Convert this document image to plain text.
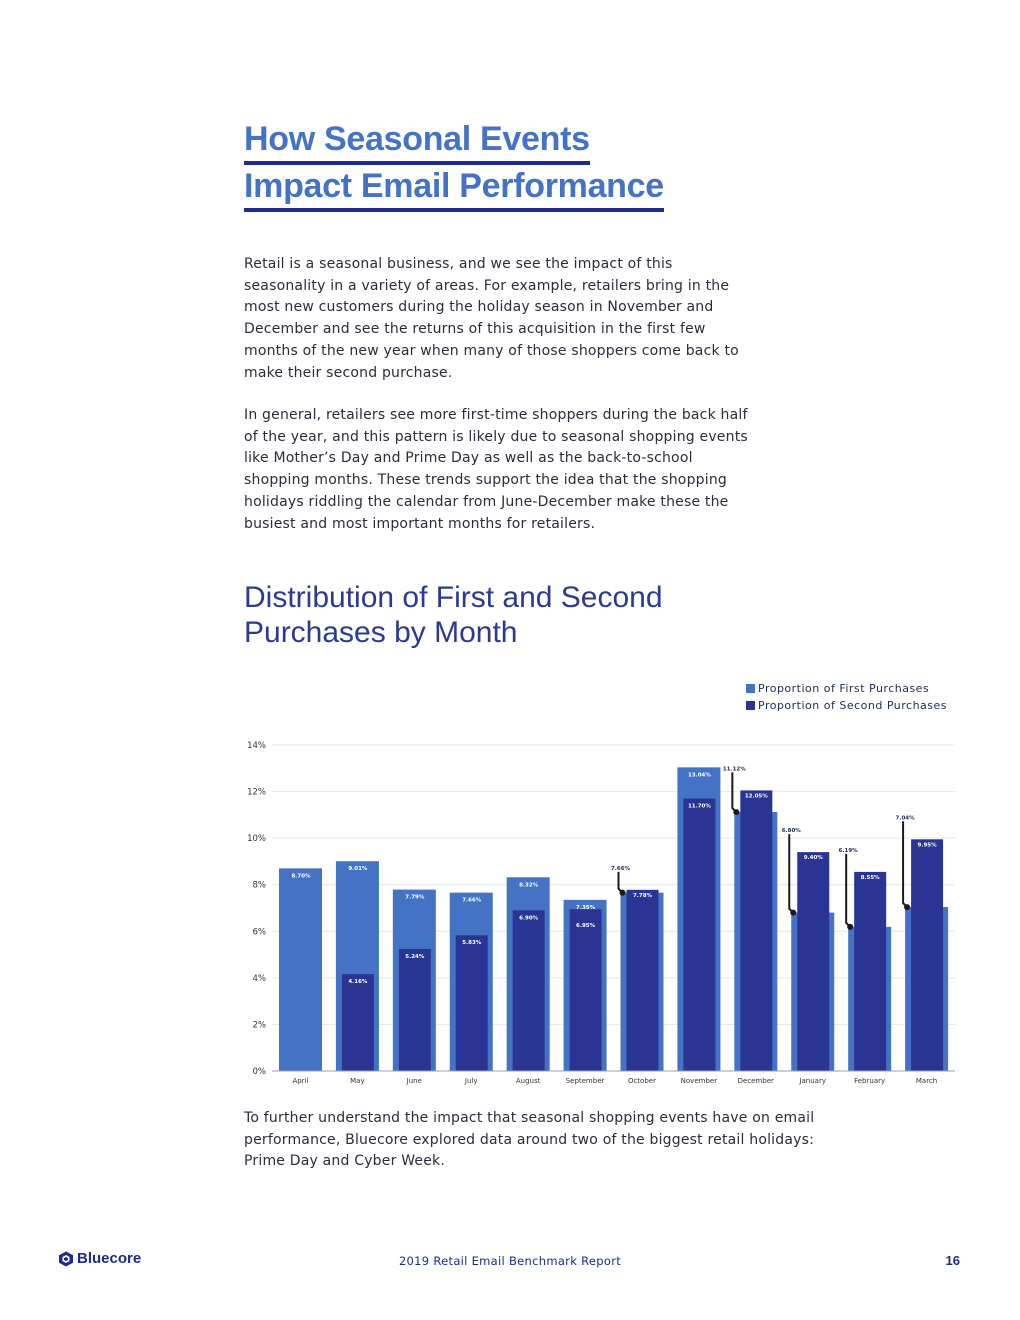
How Seasonal Events
Impact Email Performance

Retail is a seasonal business, and we see the impact of this seasonality in a variety of areas. For example, retailers bring in the most new customers during the holiday season in November and December and see the returns of this acquisition in the first few months of the new year when many of those shoppers come back to make their second purchase.

In general, retailers see more first-time shoppers during the back half of the year, and this pattern is likely due to seasonal shopping events like Mother’s Day and Prime Day as well as the back-to-school shopping months. These trends support the idea that the shopping holidays riddling the calendar from June-December make these the busiest and most important months for retailers.

Distribution of First and Second Purchases by Month
Proportion of First Purchases
Proportion of Second Purchases
0%
2%
4%
6%
8%
10%
12%
14%
8.70%
April
9.01%
4.16%
May
7.79%
5.24%
June
7.66%
5.83%
July
8.32%
6.90%
August
7.35%
6.95%
September
7.66%
7.78%
October
13.04%
11.70%
November
11.12%
12.05%
December
6.80%
9.40%
January
6.19%
8.55%
February
7.04%
9.95%
March

To further understand the impact that seasonal shopping events have on email performance, Bluecore explored data around two of the biggest retail holidays: Prime Day and Cyber Week.

Bluecore	2019 Retail Email Benchmark Report	16
